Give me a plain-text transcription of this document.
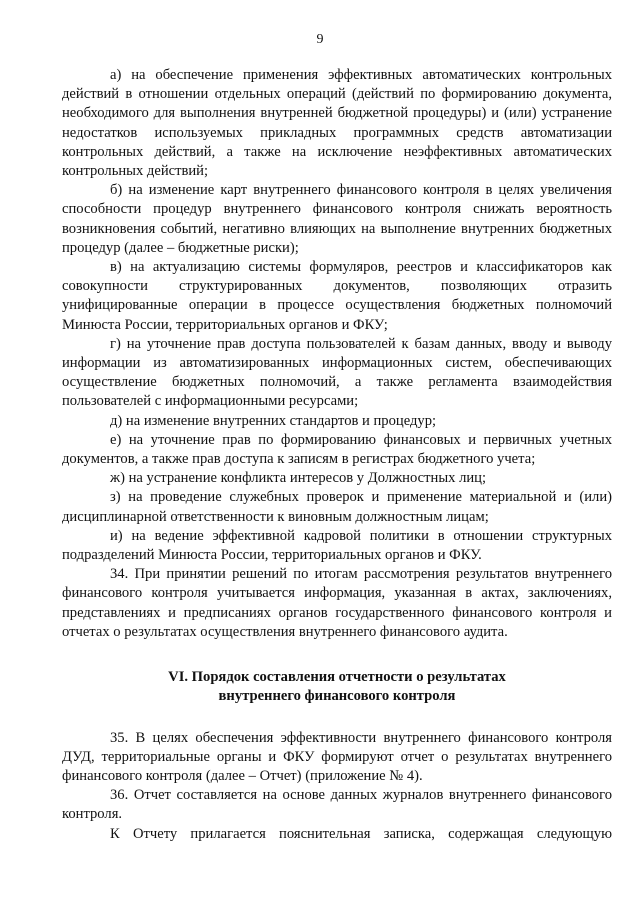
9

а) на обеспечение применения эффективных автоматических контрольных действий в отношении отдельных операций (действий по формированию документа, необходимого для выполнения внутренней бюджетной процедуры) и (или) устранение недостатков используемых прикладных программных средств автоматизации контрольных действий, а также на исключение неэффективных автоматических контрольных действий;

б) на изменение карт внутреннего финансового контроля в целях увеличения способности процедур внутреннего финансового контроля снижать вероятность возникновения событий, негативно влияющих на выполнение внутренних бюджетных процедур (далее – бюджетные риски);

в) на актуализацию системы формуляров, реестров и классификаторов как совокупности структурированных документов, позволяющих отразить унифицированные операции в процессе осуществления бюджетных полномочий Минюста России, территориальных органов и ФКУ;

г) на уточнение прав доступа пользователей к базам данных, вводу и выводу информации из автоматизированных информационных систем, обеспечивающих осуществление бюджетных полномочий, а также регламента взаимодействия пользователей с информационными ресурсами;

д) на изменение внутренних стандартов и процедур;

е) на уточнение прав по формированию финансовых и первичных учетных документов, а также прав доступа к записям в регистрах бюджетного учета;

ж) на устранение конфликта интересов у Должностных лиц;

з) на проведение служебных проверок и применение материальной и (или) дисциплинарной ответственности к виновным должностным лицам;

и) на ведение эффективной кадровой политики в отношении структурных подразделений Минюста России, территориальных органов и ФКУ.

34. При принятии решений по итогам рассмотрения результатов внутреннего финансового контроля учитывается информация, указанная в актах, заключениях, представлениях и предписаниях органов государственного финансового контроля и отчетах о результатах осуществления внутреннего финансового аудита.

VI. Порядок составления отчетности о результатах
внутреннего финансового контроля

35. В целях обеспечения эффективности внутреннего финансового контроля ДУД, территориальные органы и ФКУ формируют отчет о результатах внутреннего финансового контроля (далее – Отчет) (приложение № 4).

36. Отчет составляется на основе данных журналов внутреннего финансового контроля.

К Отчету прилагается пояснительная записка, содержащая следующую
